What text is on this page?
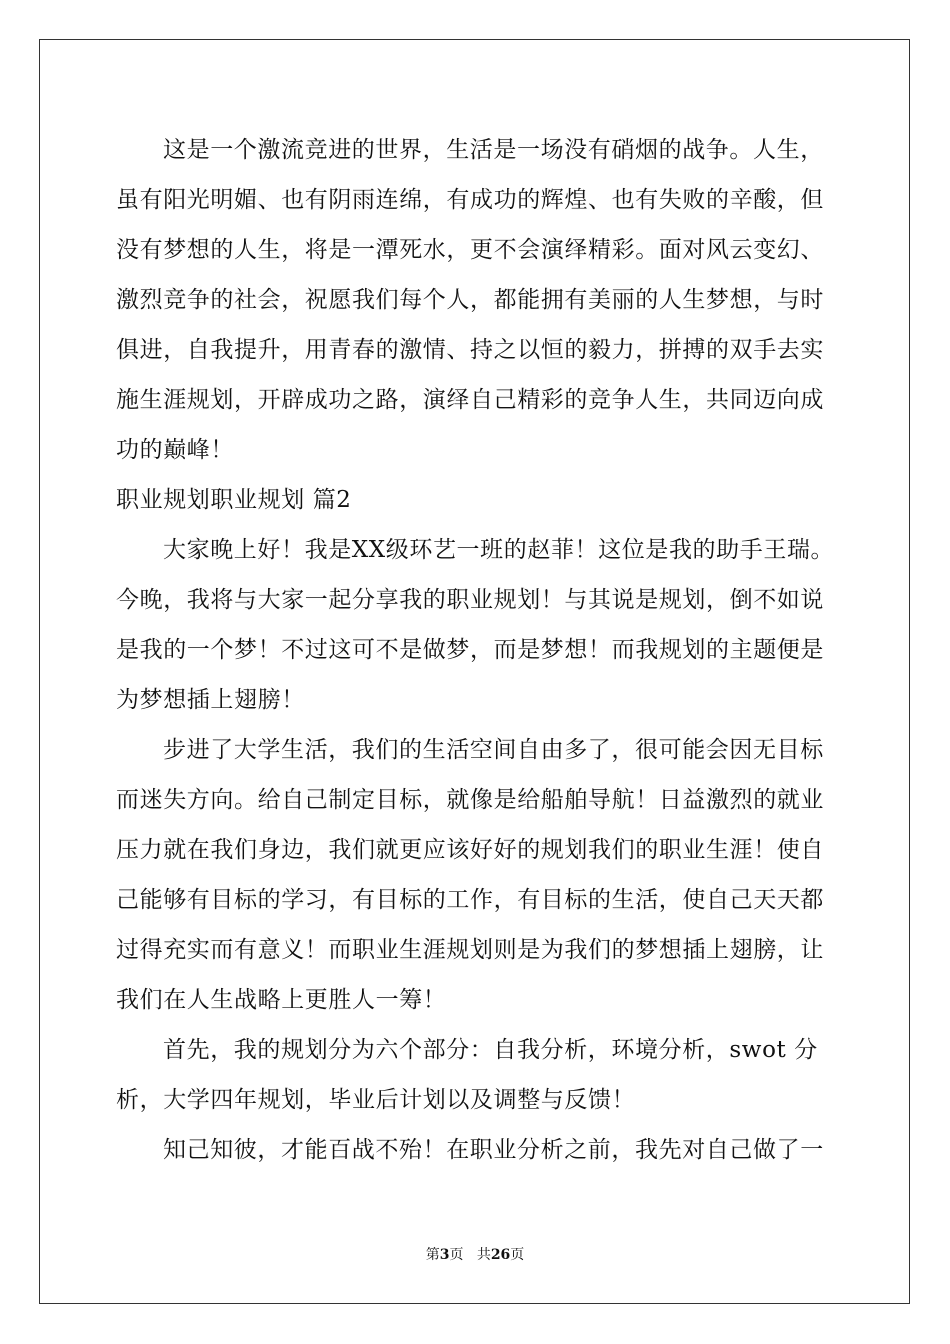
这是一个激流竞进的世界，生活是一场没有硝烟的战争。人生，
虽有阳光明媚、也有阴雨连绵，有成功的辉煌、也有失败的辛酸，但
没有梦想的人生，将是一潭死水，更不会演绎精彩。面对风云变幻、
激烈竞争的社会，祝愿我们每个人，都能拥有美丽的人生梦想，与时
俱进，自我提升，用青春的激情、持之以恒的毅力，拼搏的双手去实
施生涯规划，开辟成功之路，演绎自己精彩的竞争人生，共同迈向成
功的巅峰！
职业规划职业规划 篇2
大家晚上好！我是XX级环艺一班的赵菲！这位是我的助手王瑞。
今晚，我将与大家一起分享我的职业规划！与其说是规划，倒不如说
是我的一个梦！不过这可不是做梦，而是梦想！而我规划的主题便是
为梦想插上翅膀！
步进了大学生活，我们的生活空间自由多了，很可能会因无目标
而迷失方向。给自己制定目标，就像是给船舶导航！日益激烈的就业
压力就在我们身边，我们就更应该好好的规划我们的职业生涯！使自
己能够有目标的学习，有目标的工作，有目标的生活，使自己天天都
过得充实而有意义！而职业生涯规划则是为我们的梦想插上翅膀，让
我们在人生战略上更胜人一筹！
首先，我的规划分为六个部分：自我分析，环境分析，swot 分
析，大学四年规划，毕业后计划以及调整与反馈！
知己知彼，才能百战不殆！在职业分析之前，我先对自己做了一
第3页 共26页
